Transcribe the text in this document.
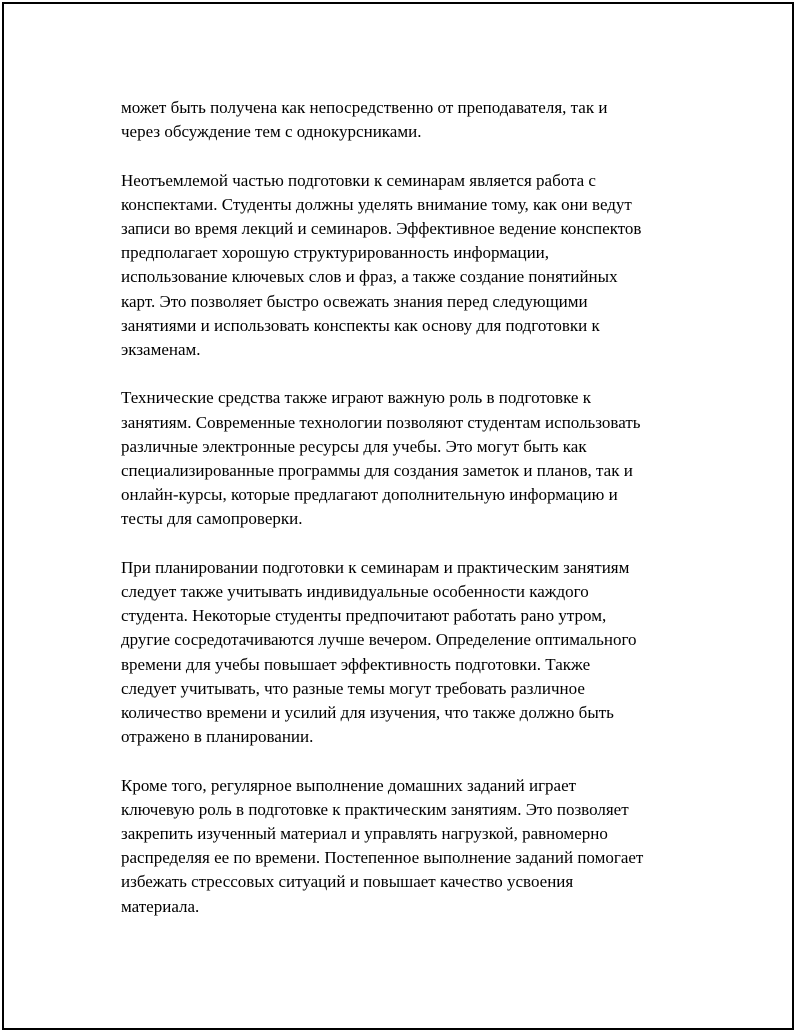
может быть получена как непосредственно от преподавателя, так и
через обсуждение тем с однокурсниками.

Неотъемлемой частью подготовки к семинарам является работа с
конспектами. Студенты должны уделять внимание тому, как они ведут
записи во время лекций и семинаров. Эффективное ведение конспектов
предполагает хорошую структурированность информации,
использование ключевых слов и фраз, а также создание понятийных
карт. Это позволяет быстро освежать знания перед следующими
занятиями и использовать конспекты как основу для подготовки к
экзаменам.

Технические средства также играют важную роль в подготовке к
занятиям. Современные технологии позволяют студентам использовать
различные электронные ресурсы для учебы. Это могут быть как
специализированные программы для создания заметок и планов, так и
онлайн-курсы, которые предлагают дополнительную информацию и
тесты для самопроверки.

При планировании подготовки к семинарам и практическим занятиям
следует также учитывать индивидуальные особенности каждого
студента. Некоторые студенты предпочитают работать рано утром,
другие сосредотачиваются лучше вечером. Определение оптимального
времени для учебы повышает эффективность подготовки. Также
следует учитывать, что разные темы могут требовать различное
количество времени и усилий для изучения, что также должно быть
отражено в планировании.

Кроме того, регулярное выполнение домашних заданий играет
ключевую роль в подготовке к практическим занятиям. Это позволяет
закрепить изученный материал и управлять нагрузкой, равномерно
распределяя ее по времени. Постепенное выполнение заданий помогает
избежать стрессовых ситуаций и повышает качество усвоения
материала.
